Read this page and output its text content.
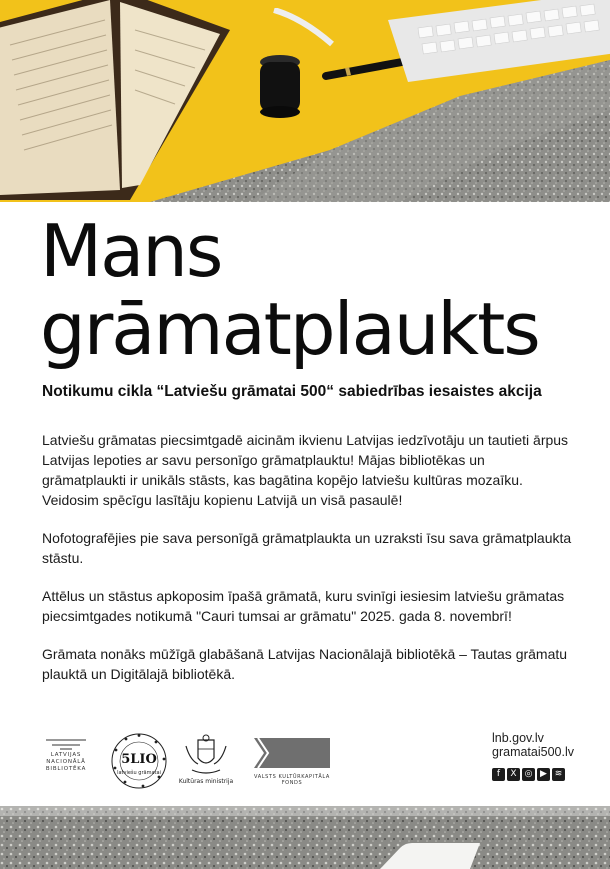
Mans
grāmatplaukts

Notikumu cikla “Latviešu grāmatai 500“ sabiedrības iesaistes akcija

Latviešu grāmatas piecsimtgadē aicinām ikvienu Latvijas iedzīvotāju un tautieti ārpus Latvijas lepoties ar savu personīgo grāmatplauktu! Mājas bibliotēkas un grāmatplaukti ir unikāls stāsts, kas bagātina kopējo latviešu kultūras mozaīku. Veidosim spēcīgu lasītāju kopienu Latvijā un visā pasaulē!

Nofotografējies pie sava personīgā grāmatplaukta un uzraksti īsu sava grāmatplaukta stāstu.

Attēlus un stāstus apkoposim īpašā grāmatā, kuru svinīgi iesiesim latviešu grāmatas piecsimtgades notikumā "Cauri tumsai ar grāmatu" 2025. gada 8. novembrī!

Grāmata nonāks mūžīgā glabāšanā Latvijas Nacionālajā bibliotēkā – Tautas grāmatu plauktā un Digitālajā bibliotēkā.

LATVIJAS NACIONĀLĀ BIBLIOTĒKA
5LIO
latviešu grāmatai
Kultūras ministrija
VALSTS KULTŪRKAPITĀLA FONDS
lnb.gov.lv
gramatai500.lv
f X ◎ ▶ ≋
